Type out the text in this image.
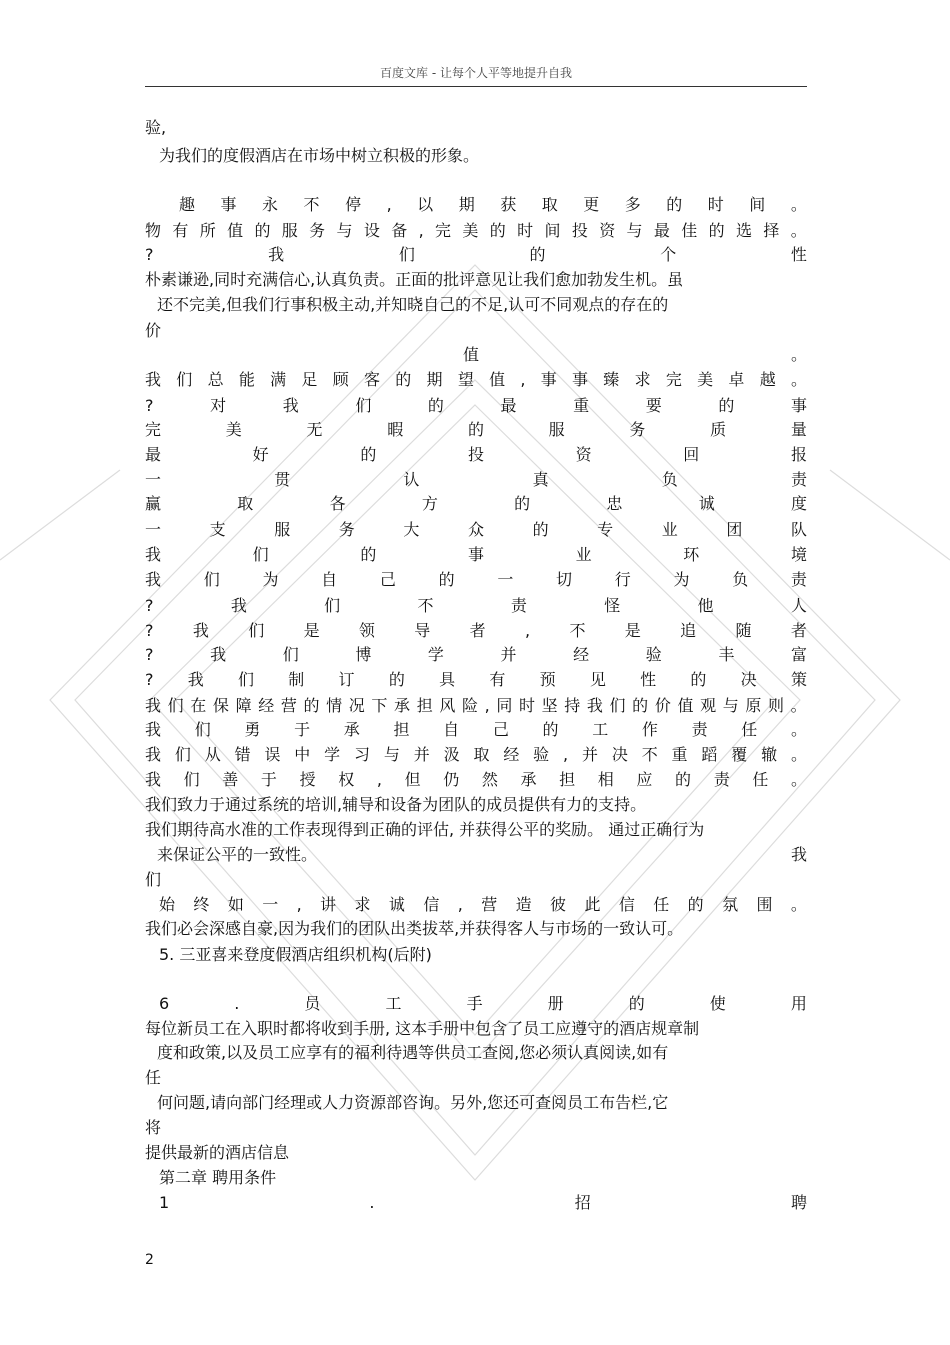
百度文库 - 让每个人平等地提升自我
验,
为我们的度假酒店在市场中树立积极的形象。
趣 事 永 不 停 , 以 期 获 取 更 多 的 时 间 。
物 有 所 值 的 服 务 与 设 备 , 完 美 的 时 间 投 资 与 最 佳 的 选 择 。
?	我	们	的	个	性
朴素谦逊,同时充满信心,认真负责。正面的批评意见让我们愈加勃发生机。虽
还不完美,但我们行事积极主动,并知晓自己的不足,认可不同观点的存在的
价
值	。
我 们 总 能 满 足 顾 客 的 期 望 值 , 事 事 臻 求 完 美 卓 越 。
?	对	我	们	的	最	重	要	的	事
完	美	无	暇	的	服	务	质	量
最	好	的	投	资	回	报
一	贯	认	真	负	责
赢	取	各	方	的	忠	诚	度
一	支	服	务	大	众	的	专	业	团	队
我	们	的	事	业	环	境
我	们	为	自	己	的	一	切	行	为	负	责
?	我	们	不	责	怪	他	人
? 我 们 是 领 导 者 , 不 是 追 随 者
?	我	们	博	学	并	经	验	丰	富
? 我 们 制 订 的 具 有 预 见 性 的 决 策
我 们 在 保 障 经 营 的 情 况 下 承 担 风 险 , 同 时 坚 持 我 们 的 价 值 观 与 原 则 。
我 们 勇 于 承 担 自 己 的 工 作 责 任 。
我 们 从 错 误 中 学 习 与 并 汲 取 经 验 , 并 决 不 重 蹈 覆 辙 。
我 们 善 于 授 权 , 但 仍 然 承 担 相 应 的 责 任 。
我们致力于通过系统的培训,辅导和设备为团队的成员提供有力的支持。
我们期待高水准的工作表现得到正确的评估, 并获得公平的奖励。 通过正确行为
来保证公平的一致性。	我
们
始 终 如 一 , 讲 求 诚 信 , 营 造 彼 此 信 任 的 氛 围 。
我们必会深感自豪,因为我们的团队出类拔萃,并获得客人与市场的一致认可。
5. 三亚喜来登度假酒店组织机构(后附)
6	.	员	工	手	册	的	使	用
每位新员工在入职时都将收到手册, 这本手册中包含了员工应遵守的酒店规章制
度和政策,以及员工应享有的福利待遇等供员工查阅,您必须认真阅读,如有
任
何问题,请向部门经理或人力资源部咨询。另外,您还可查阅员工布告栏,它
将
提供最新的酒店信息
第二章 聘用条件
1	.	招	聘
2
